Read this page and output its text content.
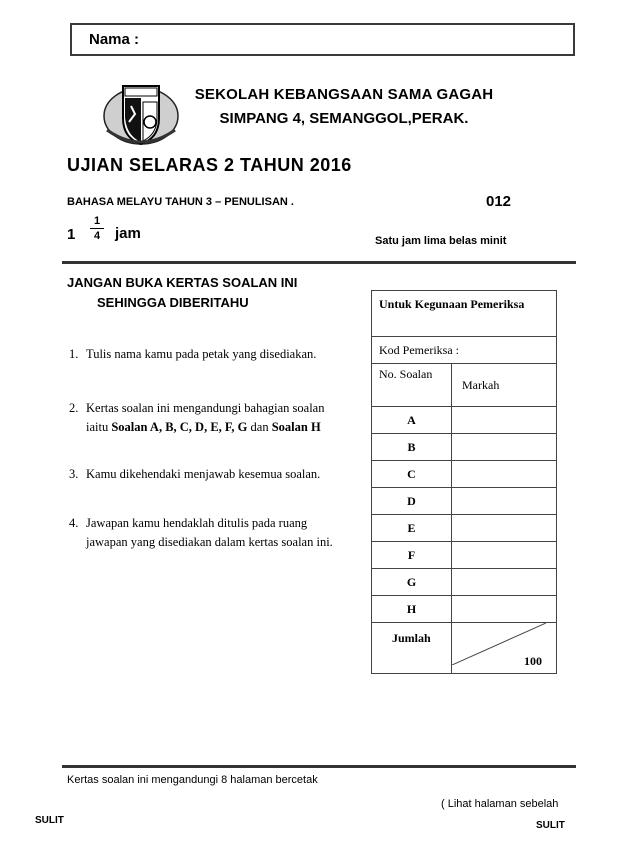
Nama :
SEKOLAH KEBANGSAAN SAMA GAGAH
SIMPANG 4, SEMANGGOL,PERAK.
UJIAN SELARAS 2 TAHUN 2016
BAHASA MELAYU TAHUN 3 – PENULISAN .	012
$1 \frac{1}{4}$ jam	Satu jam lima belas minit
JANGAN BUKA KERTAS SOALAN INI
SEHINGGA DIBERITAHU
1. Tulis nama kamu pada petak yang disediakan.
2. Kertas soalan ini mengandungi bahagian soalan iaitu Soalan A, B, C, D, E, F, G dan Soalan H
3. Kamu dikehendaki menjawab kesemua soalan.
4. Jawapan kamu hendaklah ditulis pada ruang jawapan yang disediakan dalam kertas soalan ini.
Untuk Kegunaan Pemeriksa	
Kod Pemeriksa :	
No. Soalan	Markah
A	
B	
C	
D	
E	
F	
G	
H	
Jumlah	100
Kertas soalan ini mengandungi 8 halaman bercetak
( Lihat halaman sebelah
SULIT	SULIT
